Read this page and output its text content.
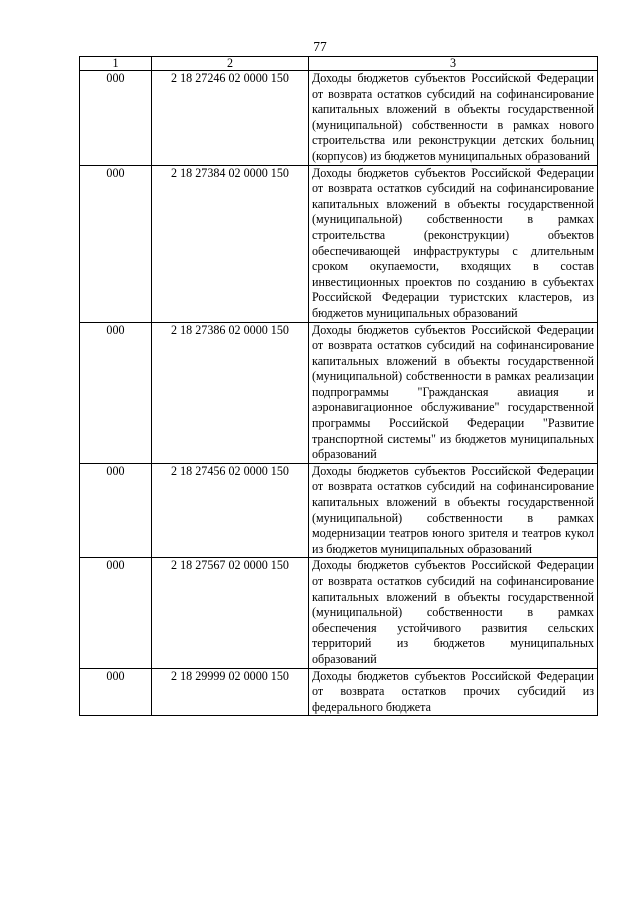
77
1	2	3
000	2 18 27246 02 0000 150	Доходы бюджетов субъектов Российской Федерации от возврата остатков субсидий на софинансирование капитальных вложений в объекты государственной (муниципальной) собственности в рамках нового строительства или реконструкции детских больниц (корпусов) из бюджетов муниципальных образований
000	2 18 27384 02 0000 150	Доходы бюджетов субъектов Российской Федерации от возврата остатков субсидий на софинансирование капитальных вложений в объекты государственной (муниципальной) собственности в рамках строительства (реконструкции) объектов обеспечивающей инфраструктуры с длительным сроком окупаемости, входящих в состав инвестиционных проектов по созданию в субъектах Российской Федерации туристских кластеров, из бюджетов муниципальных образований
000	2 18 27386 02 0000 150	Доходы бюджетов субъектов Российской Федерации от возврата остатков субсидий на софинансирование капитальных вложений в объекты государственной (муниципальной) собственности в рамках реализации подпрограммы "Гражданская авиация и аэронавигационное обслуживание" государственной программы Российской Федерации "Развитие транспортной системы" из бюджетов муниципальных образований
000	2 18 27456 02 0000 150	Доходы бюджетов субъектов Российской Федерации от возврата остатков субсидий на софинансирование капитальных вложений в объекты государственной (муниципальной) собственности в рамках модернизации театров юного зрителя и театров кукол из бюджетов муниципальных образований
000	2 18 27567 02 0000 150	Доходы бюджетов субъектов Российской Федерации от возврата остатков субсидий на софинансирование капитальных вложений в объекты государственной (муниципальной) собственности в рамках обеспечения устойчивого развития сельских территорий из бюджетов муниципальных образований
000	2 18 29999 02 0000 150	Доходы бюджетов субъектов Российской Федерации от возврата остатков прочих субсидий из федерального бюджета
